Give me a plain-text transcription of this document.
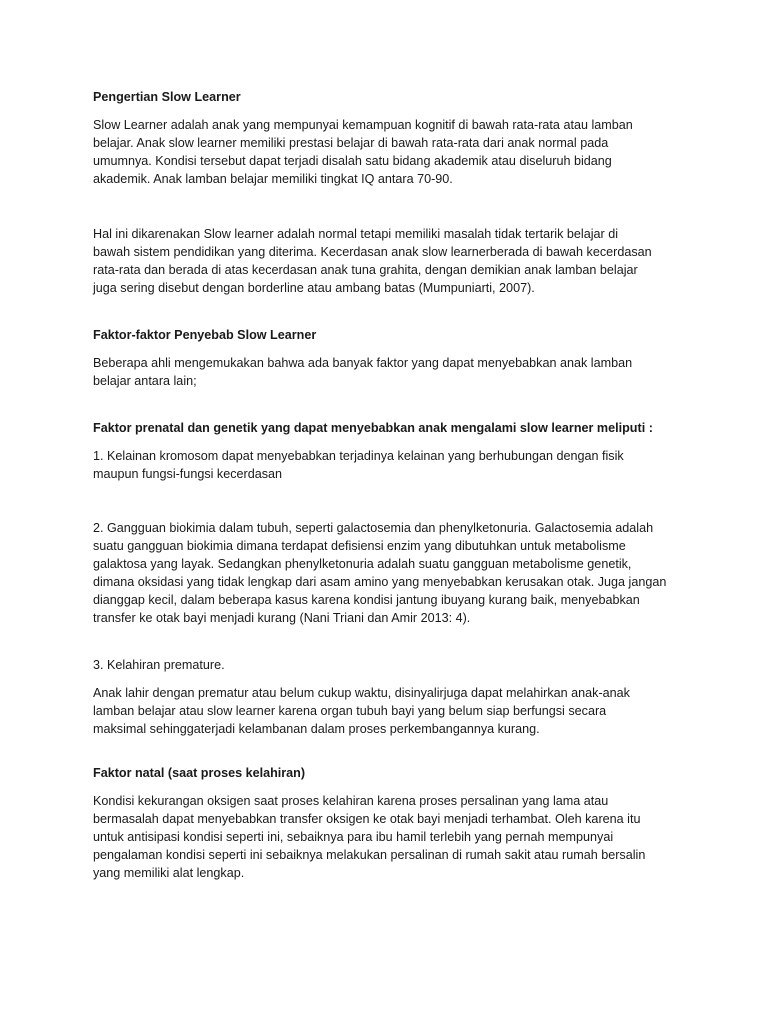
Pengertian Slow Learner

Slow Learner adalah anak yang mempunyai kemampuan kognitif di bawah rata-rata atau lamban
belajar. Anak slow learner memiliki prestasi belajar di bawah rata-rata dari anak normal pada
umumnya. Kondisi tersebut dapat terjadi disalah satu bidang akademik atau diseluruh bidang
akademik. Anak lamban belajar memiliki tingkat IQ antara 70-90.

Hal ini dikarenakan Slow learner adalah normal tetapi memiliki masalah tidak tertarik belajar di
bawah sistem pendidikan yang diterima. Kecerdasan anak slow learnerberada di bawah kecerdasan
rata-rata dan berada di atas kecerdasan anak tuna grahita, dengan demikian anak lamban belajar
juga sering disebut dengan borderline atau ambang batas (Mumpuniarti, 2007).

Faktor-faktor Penyebab Slow Learner

Beberapa ahli mengemukakan bahwa ada banyak faktor yang dapat menyebabkan anak lamban
belajar antara lain;

Faktor prenatal dan genetik yang dapat menyebabkan anak mengalami slow learner meliputi :

1. Kelainan kromosom dapat menyebabkan terjadinya kelainan yang berhubungan dengan fisik
maupun fungsi-fungsi kecerdasan

2. Gangguan biokimia dalam tubuh, seperti galactosemia dan phenylketonuria. Galactosemia adalah
suatu gangguan biokimia dimana terdapat defisiensi enzim yang dibutuhkan untuk metabolisme
galaktosa yang layak. Sedangkan phenylketonuria adalah suatu gangguan metabolisme genetik,
dimana oksidasi yang tidak lengkap dari asam amino yang menyebabkan kerusakan otak. Juga jangan
dianggap kecil, dalam beberapa kasus karena kondisi jantung ibuyang kurang baik, menyebabkan
transfer ke otak bayi menjadi kurang (Nani Triani dan Amir 2013: 4).

3. Kelahiran premature.

Anak lahir dengan prematur atau belum cukup waktu, disinyalirjuga dapat melahirkan anak-anak
lamban belajar atau slow learner karena organ tubuh bayi yang belum siap berfungsi secara
maksimal sehinggaterjadi kelambanan dalam proses perkembangannya kurang.

Faktor natal (saat proses kelahiran)

Kondisi kekurangan oksigen saat proses kelahiran karena proses persalinan yang lama atau
bermasalah dapat menyebabkan transfer oksigen ke otak bayi menjadi terhambat. Oleh karena itu
untuk antisipasi kondisi seperti ini, sebaiknya para ibu hamil terlebih yang pernah mempunyai
pengalaman kondisi seperti ini sebaiknya melakukan persalinan di rumah sakit atau rumah bersalin
yang memiliki alat lengkap.
